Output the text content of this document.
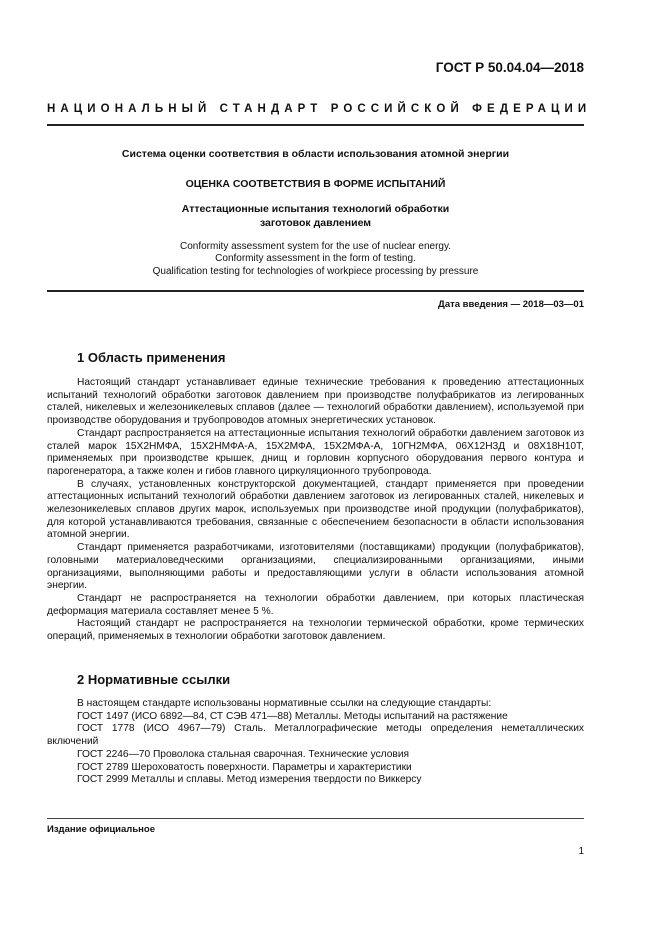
ГОСТ Р 50.04.04—2018
НАЦИОНАЛЬНЫЙ СТАНДАРТ РОССИЙСКОЙ ФЕДЕРАЦИИ
Система оценки соответствия в области использования атомной энергии
ОЦЕНКА СООТВЕТСТВИЯ В ФОРМЕ ИСПЫТАНИЙ
Аттестационные испытания технологий обработки
заготовок давлением
Conformity assessment system for the use of nuclear energy.
Conformity assessment in the form of testing.
Qualification testing for technologies of workpiece processing by pressure
Дата введения — 2018—03—01
1 Область применения

Настоящий стандарт устанавливает единые технические требования к проведению аттестационных испытаний технологий обработки заготовок давлением при производстве полуфабрикатов из легированных сталей, никелевых и железоникелевых сплавов (далее — технологий обработки давлением), используемой при производстве оборудования и трубопроводов атомных энергетических установок.

Стандарт распространяется на аттестационные испытания технологий обработки давлением заготовок из сталей марок 15Х2НМФА, 15Х2НМФА-А, 15Х2МФА, 15Х2МФА-А, 10ГН2МФА, 06Х12Н3Д и 08Х18Н10Т, применяемых при производстве крышек, днищ и горловин корпусного оборудования первого контура и парогенератора, а также колен и гибов главного циркуляционного трубопровода.

В случаях, установленных конструкторской документацией, стандарт применяется при проведении аттестационных испытаний технологий обработки давлением заготовок из легированных сталей, никелевых и железоникелевых сплавов других марок, используемых при производстве иной продукции (полуфабрикатов), для которой устанавливаются требования, связанные с обеспечением безопасности в области использования атомной энергии.

Стандарт применяется разработчиками, изготовителями (поставщиками) продукции (полуфабрикатов), головными материаловедческими организациями, специализированными организациями, иными организациями, выполняющими работы и предоставляющими услуги в области использования атомной энергии.

Стандарт не распространяется на технологии обработки давлением, при которых пластическая деформация материала составляет менее 5 %.

Настоящий стандарт не распространяется на технологии термической обработки, кроме термических операций, применяемых в технологии обработки заготовок давлением.

2 Нормативные ссылки

В настоящем стандарте использованы нормативные ссылки на следующие стандарты:

ГОСТ 1497 (ИСО 6892—84, СТ СЭВ 471—88) Металлы. Методы испытаний на растяжение

ГОСТ 1778 (ИСО 4967—79) Сталь. Металлографические методы определения неметаллических включений

ГОСТ 2246—70 Проволока стальная сварочная. Технические условия

ГОСТ 2789 Шероховатость поверхности. Параметры и характеристики

ГОСТ 2999 Металлы и сплавы. Метод измерения твердости по Виккерсу

Издание официальное
1
